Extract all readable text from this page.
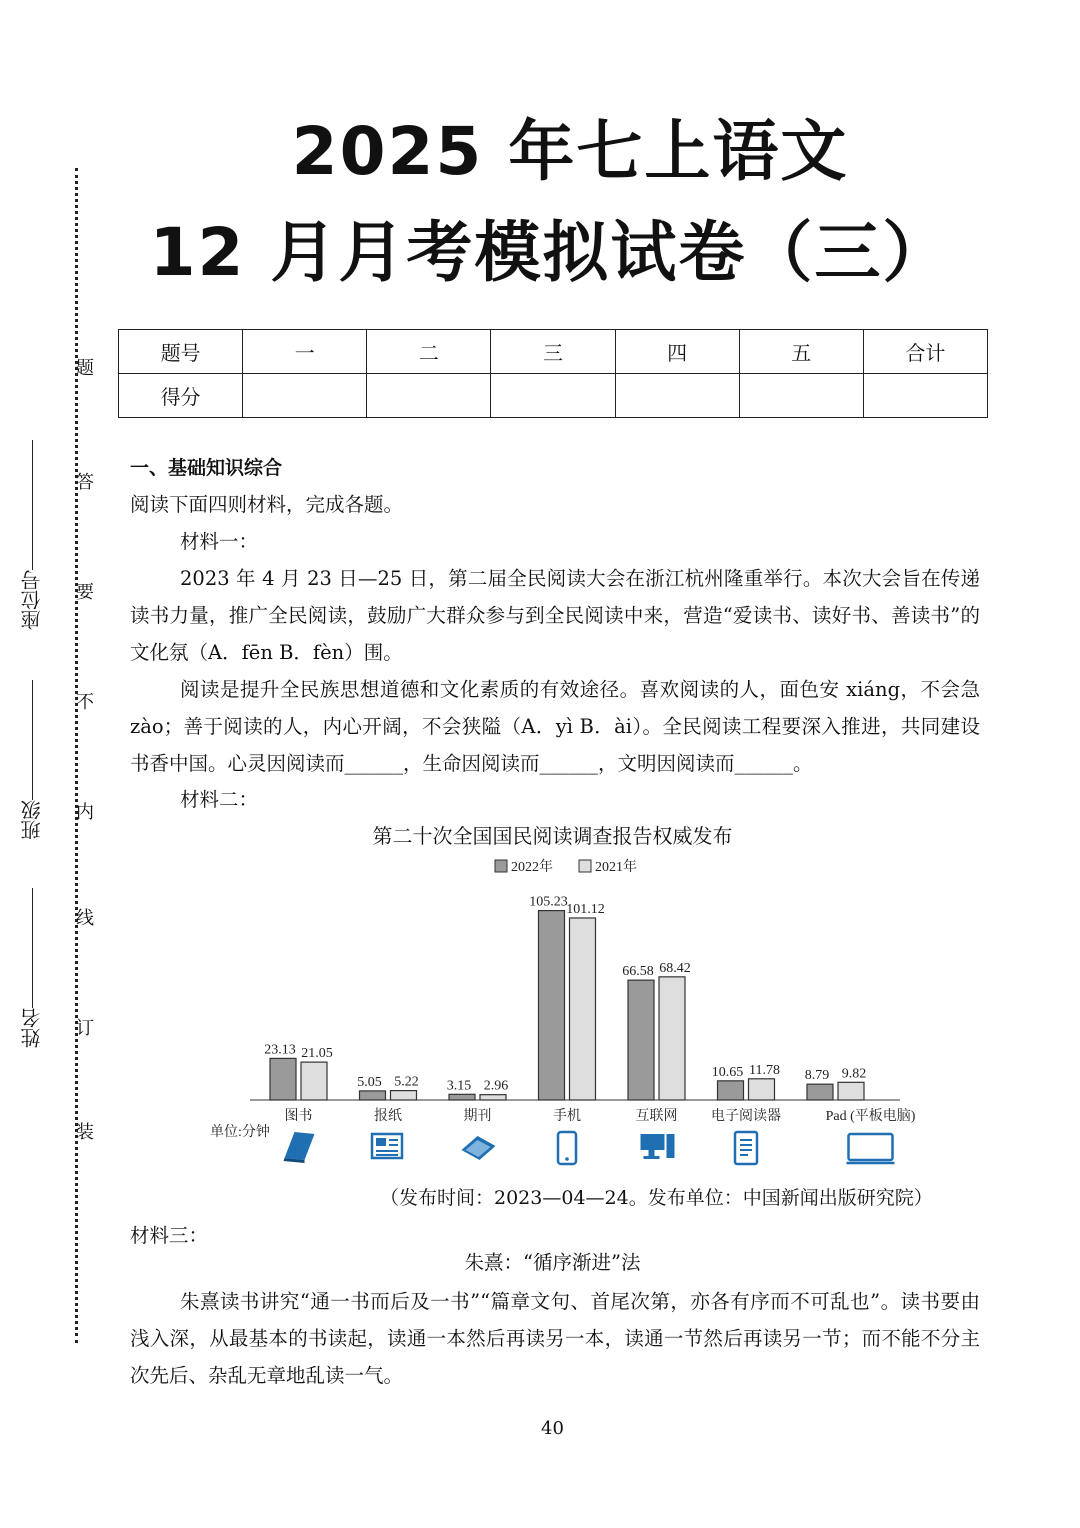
题
答
要
不
内
线
订
装
座位号
班级
姓名
2025 年七上语文
12 月月考模拟试卷（三）
题号	一	二	三	四	五	合计
得分						
一、基础知识综合
阅读下面四则材料，完成各题。
材料一：
2023 年 4 月 23 日—25 日，第二届全民阅读大会在浙江杭州隆重举行。本次大会旨在传递读书力量，推广全民阅读，鼓励广大群众参与到全民阅读中来，营造“爱读书、读好书、善读书”的文化氛（A．fēn B．fèn）围。
阅读是提升全民族思想道德和文化素质的有效途径。喜欢阅读的人，面色安 xiáng，不会急 zào；善于阅读的人，内心开阔，不会狭隘（A．yì B．ài）。全民阅读工程要深入推进，共同建设书香中国。心灵因阅读而______，生命因阅读而______，文明因阅读而______。
材料二：
第二十次全国国民阅读调查报告权威发布
2022年	2021年
23.13 21.05
图书
5.05 5.22
报纸
3.15 2.96
期刊
105.23
101.12
手机
66.58 68.42
互联网
10.65 11.78
电子阅读器
8.79 9.82
Pad (平板电脑)
单位:分钟
（发布时间：2023—04—24。发布单位：中国新闻出版研究院）
材料三：
朱熹：“循序渐进”法
朱熹读书讲究“通一书而后及一书”“篇章文句、首尾次第，亦各有序而不可乱也”。读书要由浅入深，从最基本的书读起，读通一本然后再读另一本，读通一节然后再读另一节；而不能不分主次先后、杂乱无章地乱读一气。
40
